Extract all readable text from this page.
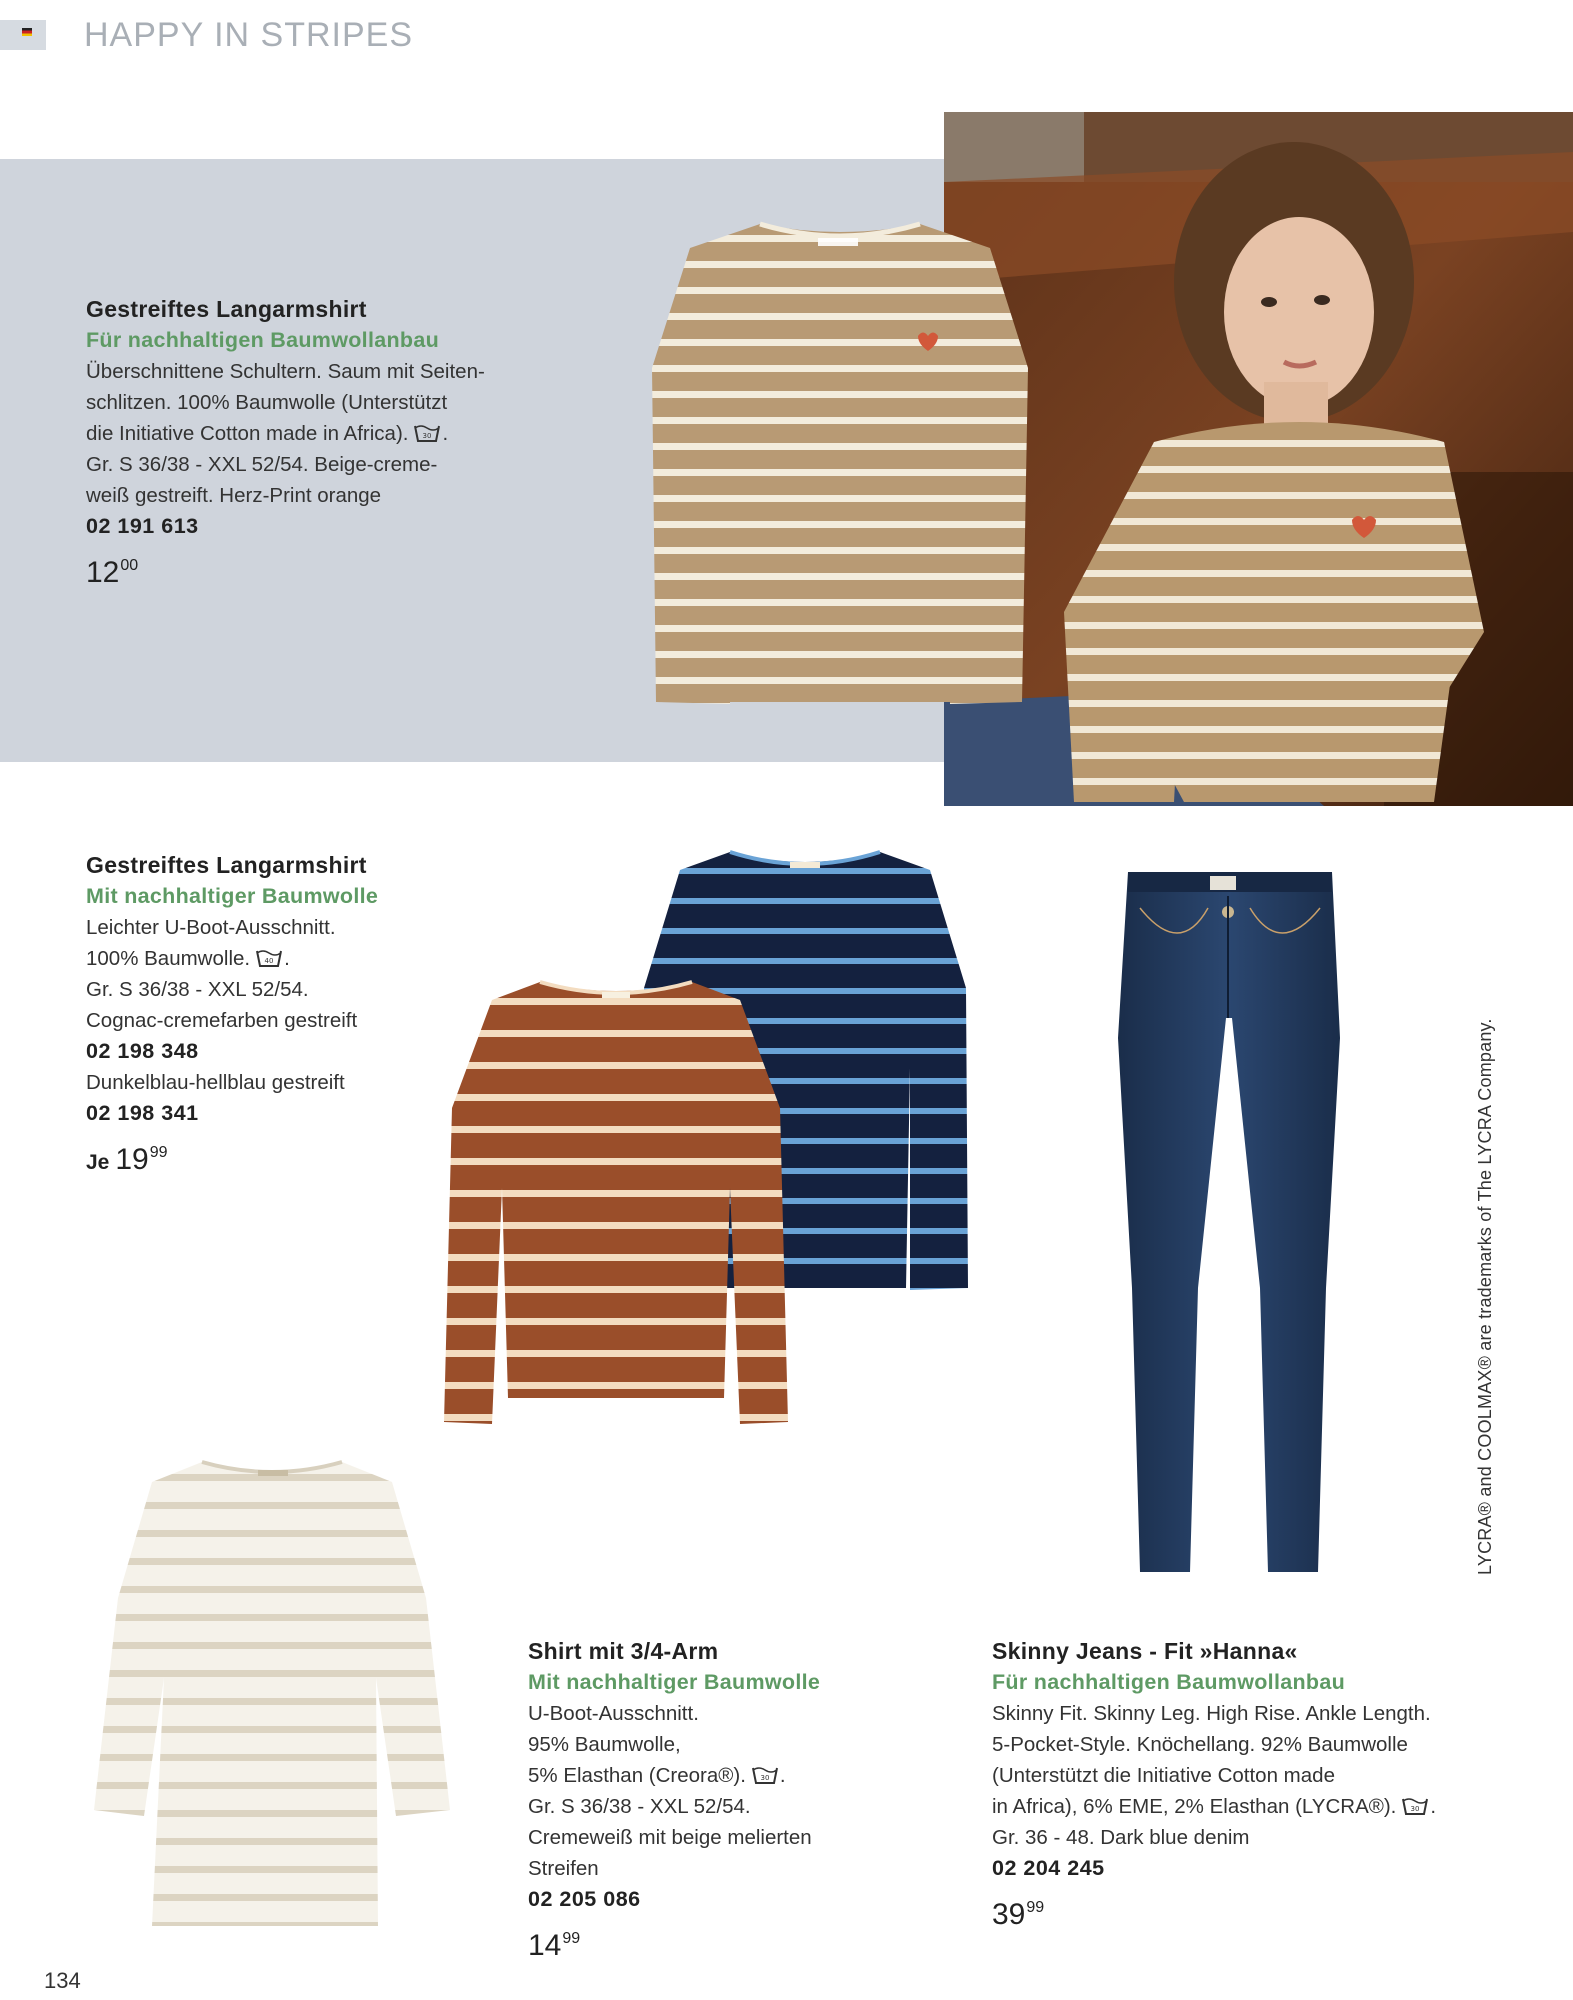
HAPPY IN STRIPES
Gestreiftes Langarmshirt
Für nachhaltigen Baumwollanbau
Überschnittene Schultern. Saum mit Seiten-
schlitzen. 100% Baumwolle (Unterstützt
die Initiative Cotton made in Africa). 30 .
Gr. S 36/38 - XXL 52/54. Beige-creme-
weiß gestreift. Herz-Print orange
02 191 613
$12^{00}$
Gestreiftes Langarmshirt
Mit nachhaltiger Baumwolle
Leichter U-Boot-Ausschnitt.
100% Baumwolle. 40 .
Gr. S 36/38 - XXL 52/54.
Cognac-cremefarben gestreift
02 198 348
Dunkelblau-hellblau gestreift
02 198 341
Je $19^{99}$
Shirt mit 3/4-Arm
Mit nachhaltiger Baumwolle
U-Boot-Ausschnitt.
95% Baumwolle,
5% Elasthan (Creora®). 30 .
Gr. S 36/38 - XXL 52/54.
Cremeweiß mit beige melierten
Streifen
02 205 086
$14^{99}$
Skinny Jeans - Fit »Hanna«
Für nachhaltigen Baumwollanbau
Skinny Fit. Skinny Leg. High Rise. Ankle Length.
5-Pocket-Style. Knöchellang. 92% Baumwolle
(Unterstützt die Initiative Cotton made
in Africa), 6% EME, 2% Elasthan (LYCRA®). 30 .
Gr. 36 - 48. Dark blue denim
02 204 245
$39^{99}$
LYCRA® and COOLMAX® are trademarks of The LYCRA Company.
134
